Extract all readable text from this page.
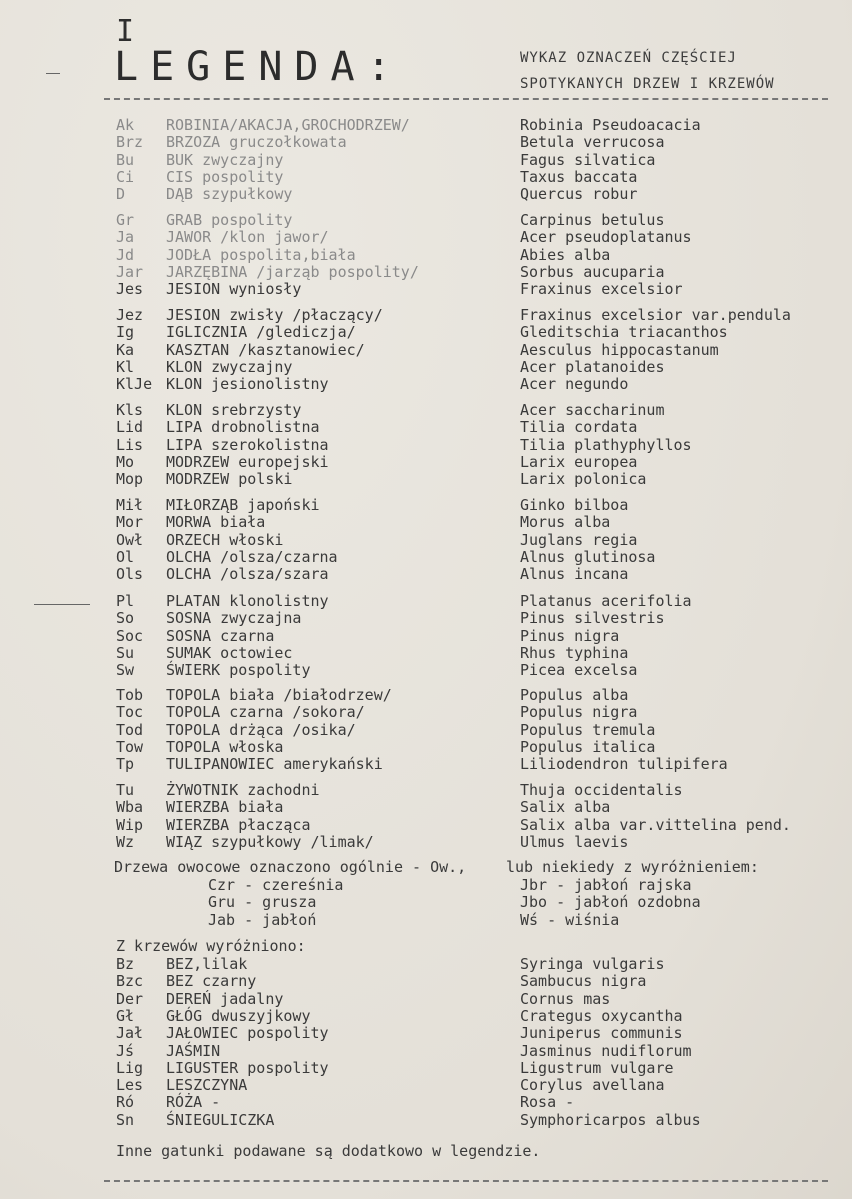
I
LEGENDA:	WYKAZ OZNACZEŃ CZĘŚCIEJ
SPOTYKANYCH DRZEW I KRZEWÓW
Ak ROBINIA/AKACJA,GROCHODRZEW/	Robinia Pseudoacacia
Brz BRZOZA gruczołkowata	Betula verrucosa
Bu BUK zwyczajny	Fagus silvatica
Ci CIS pospolity	Taxus baccata
D	DĄB szypułkowy	Quercus robur
Gr GRAB pospolity	Carpinus betulus
Ja JAWOR /klon jawor/	Acer pseudoplatanus
Jd JODŁA pospolita,biała	Abies alba
Jar JARZĘBINA /jarząb pospolity/	Sorbus aucuparia
Jes JESION wyniosły	Fraxinus excelsior
Jez JESION zwisły /płaczący/	Fraxinus excelsior var.pendula
Ig IGLICZNIA /glediczja/	Gleditschia triacanthos
Ka KASZTAN /kasztanowiec/	Aesculus hippocastanum
Kl KLON zwyczajny	Acer platanoides
KlJe KLON jesionolistny	Acer negundo
Kls KLON srebrzysty	Acer saccharinum
Lid LIPA drobnolistna	Tilia cordata
Lis LIPA szerokolistna	Tilia plathyphyllos
Mo MODRZEW europejski	Larix europea
Mop MODRZEW polski	Larix polonica
Mił MIŁORZĄB japoński	Ginko bilboa
Mor MORWA biała	Morus alba
Owł ORZECH włoski	Juglans regia
Ol OLCHA /olsza/czarna	Alnus glutinosa
Ols OLCHA /olsza/szara	Alnus incana
Pl PLATAN klonolistny	Platanus acerifolia
So SOSNA zwyczajna	Pinus silvestris
Soc SOSNA czarna	Pinus nigra
Su SUMAK octowiec	Rhus typhina
Sw ŚWIERK pospolity	Picea excelsa
Tob TOPOLA biała /białodrzew/	Populus alba
Toc TOPOLA czarna /sokora/	Populus nigra
Tod TOPOLA drżąca /osika/	Populus tremula
Tow TOPOLA włoska	Populus italica
Tp TULIPANOWIEC amerykański	Liliodendron tulipifera
Tu ŻYWOTNIK zachodni	Thuja occidentalis
Wba WIERZBA biała	Salix alba
Wip WIERZBA płacząca	Salix alba var.vittelina pend.
Wz WIĄZ szypułkowy /limak/	Ulmus laevis
Drzewa owocowe oznaczono ogólnie - Ow.,	lub niekiedy z wyróżnieniem:
Czr - czereśnia	Jbr - jabłoń rajska
Gru - grusza	Jbo - jabłoń ozdobna
Jab - jabłoń	Wś - wiśnia
Z krzewów wyróżniono:
Bz BEZ,lilak	Syringa vulgaris
Bzc BEZ czarny	Sambucus nigra
Der DEREŃ jadalny	Cornus mas
Gł GŁÓG dwuszyjkowy	Crategus oxycantha
Jał JAŁOWIEC pospolity	Juniperus communis
Jś JAŚMIN	Jasminus nudiflorum
Lig LIGUSTER pospolity	Ligustrum vulgare
Les LESZCZYNA	Corylus avellana
Ró RÓŻA -	Rosa -
Sn ŚNIEGULICZKA	Symphoricarpos albus
Inne gatunki podawane są dodatkowo w legendzie.
